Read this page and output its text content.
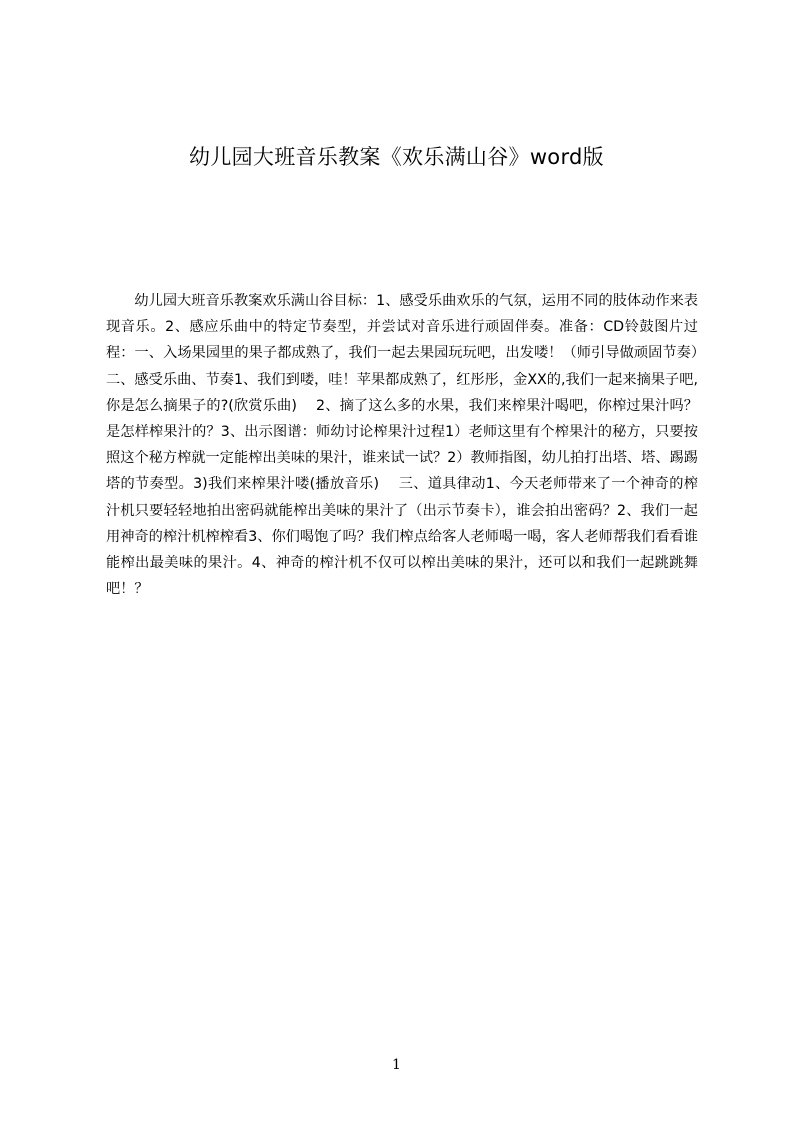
幼儿园大班音乐教案《欢乐满山谷》word版

幼儿园大班音乐教案欢乐满山谷目标：1、感受乐曲欢乐的气氛，运用不同的肢体动作来表现音乐。2、感应乐曲中的特定节奏型，并尝试对音乐进行顽固伴奏。准备：CD铃鼓图片过程：一、入场果园里的果子都成熟了，我们一起去果园玩玩吧，出发喽！（师引导做顽固节奏）二、感受乐曲、节奏1、我们到喽，哇！苹果都成熟了，红彤彤，金XX的,我们一起来摘果子吧,你是怎么摘果子的?(欣赏乐曲)　 2、摘了这么多的水果，我们来榨果汁喝吧，你榨过果汁吗？是怎样榨果汁的？3、出示图谱：师幼讨论榨果汁过程1）老师这里有个榨果汁的秘方，只要按照这个秘方榨就一定能榨出美味的果汁，谁来试一试？2）教师指图，幼儿拍打出塔、塔、踢踢塔的节奏型。3)我们来榨果汁喽(播放音乐)　 三、道具律动1、今天老师带来了一个神奇的榨汁机只要轻轻地拍出密码就能榨出美味的果汁了（出示节奏卡），谁会拍出密码？2、我们一起用神奇的榨汁机榨榨看3、你们喝饱了吗？我们榨点给客人老师喝一喝，客人老师帮我们看看谁能榨出最美味的果汁。4、神奇的榨汁机不仅可以榨出美味的果汁，还可以和我们一起跳跳舞吧！？

1
